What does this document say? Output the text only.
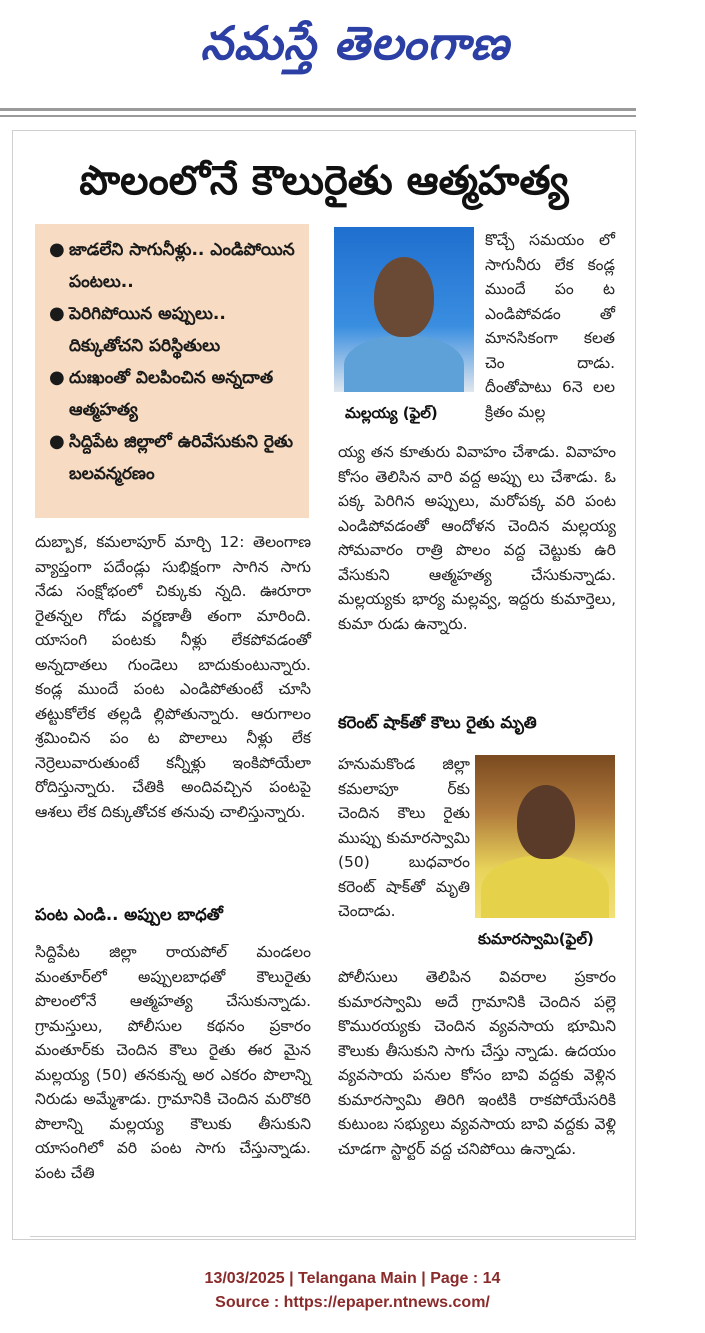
నమస్తే తెలంగాణ
పొలంలోనే కౌలురైతు ఆత్మహత్య
● జాడలేని సాగునీళ్లు.. ఎండిపోయిన పంటలు..
● పెరిగిపోయిన అప్పులు.. దిక్కుతోచని పరిస్థితులు
● దుఃఖంతో విలపించిన అన్నదాత ఆత్మహత్య
● సిద్దిపేట జిల్లాలో ఉరివేసుకుని రైతు బలవన్మరణం
దుబ్బాక, కమలాపూర్ మార్చి 12: తెలంగాణ వ్యాప్తంగా పదేండ్లు సుభిక్షంగా సాగిన సాగు నేడు సంక్షోభంలో చిక్కుకు న్నది. ఊరూరా రైతన్నల గోడు వర్ణణాతీ తంగా మారింది. యాసంగి పంటకు నీళ్లు లేకపోవడంతో అన్నదాతలు గుండెలు బాదుకుంటున్నారు. కండ్ల ముందే పంట ఎండిపోతుంటే చూసి తట్టుకోలేక తల్లడి ల్లిపోతున్నారు. ఆరుగాలం శ్రమించిన పం ట పొలాలు నీళ్లు లేక నెర్రెలువారుతుంటే కన్నీళ్లు ఇంకిపోయేలా రోదిస్తున్నారు. చేతికి అందివచ్చిన పంటపై ఆశలు లేక దిక్కుతోచక తనువు చాలిస్తున్నారు.
పంట ఎండి.. అప్పుల బాధతో
సిద్దిపేట జిల్లా రాయపోల్ మండలం మంతూర్‌లో అప్పులబాధతో కౌలురైతు పొలంలోనే ఆత్మహత్య చేసుకున్నాడు. గ్రామస్తులు, పోలీసుల కథనం ప్రకారం మంతూర్‌కు చెందిన కౌలు రైతు ఈర మైన మల్లయ్య (50) తనకున్న అర ఎకరం పొలాన్ని నిరుడు అమ్మేశాడు. గ్రామానికి చెందిన మరొకరి పొలాన్ని మల్లయ్య కౌలుకు తీసుకుని యాసంగిలో వరి పంట సాగు చేస్తున్నాడు. పంట చేతి
మల్లయ్య (ఫైల్)
కొచ్చే సమయం లో సాగునీరు లేక కండ్ల ముందే పం ట ఎండిపోవడం తో మానసికంగా కలత చెం దాడు. దీంతోపాటు 6నె లల క్రితం మల్ల
య్య తన కూతురు వివాహం చేశాడు. వివాహం కోసం తెలిసిన వారి వద్ద అప్పు లు చేశాడు. ఓ పక్క పెరిగిన అప్పులు, మరోపక్క వరి పంట ఎండిపోవడంతో ఆందోళన చెందిన మల్లయ్య సోమవారం రాత్రి పొలం వద్ద చెట్టుకు ఉరి వేసుకుని ఆత్మహత్య చేసుకున్నాడు. మల్లయ్యకు భార్య మల్లవ్వ, ఇద్దరు కుమార్తెలు, కుమా రుడు ఉన్నారు.
కరెంట్ షాక్‌తో కౌలు రైతు మృతి
హనుమకొండ జిల్లా కమలాపూ ర్‌కు చెందిన కౌలు రైతు ముప్పు కుమారస్వామి (50) బుధవారం కరెంట్ షాక్‌తో మృతి చెందాడు.
కుమారస్వామి(ఫైల్)
పోలీసులు తెలిపిన వివరాల ప్రకారం కుమారస్వామి అదే గ్రామానికి చెందిన పల్లె కొమురయ్యకు చెందిన వ్యవసాయ భూమిని కౌలుకు తీసుకుని సాగు చేస్తు న్నాడు. ఉదయం వ్యవసాయ పనుల కోసం బావి వద్దకు వెళ్లిన కుమారస్వామి తిరిగి ఇంటికి రాకపోయేసరికి కుటుంబ సభ్యులు వ్యవసాయ బావి వద్దకు వెళ్లి చూడగా స్టార్టర్ వద్ద చనిపోయి ఉన్నాడు.
13/03/2025 | Telangana Main | Page : 14
Source : https://epaper.ntnews.com/
